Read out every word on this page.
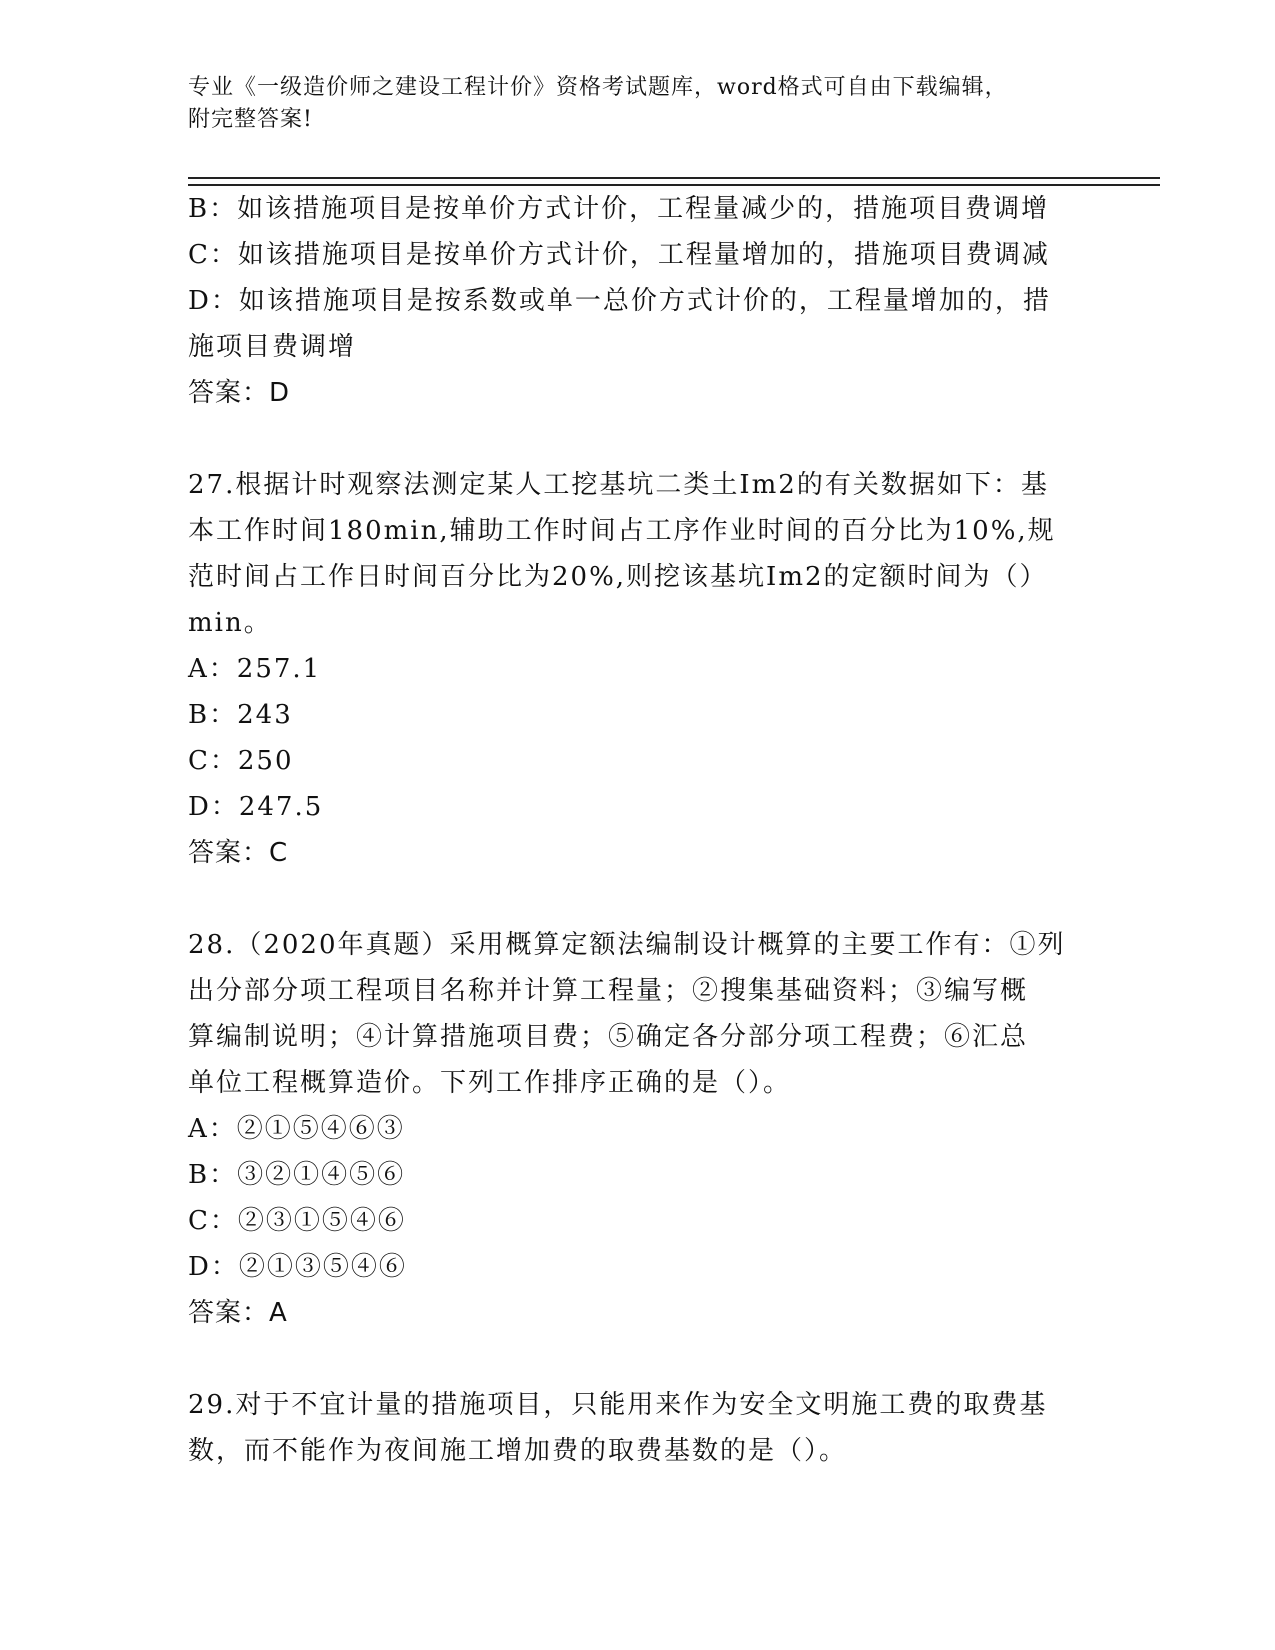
专业《一级造价师之建设工程计价》资格考试题库，word格式可自由下载编辑，
附完整答案!
B：如该措施项目是按单价方式计价，工程量减少的，措施项目费调增
C：如该措施项目是按单价方式计价，工程量增加的，措施项目费调减
D：如该措施项目是按系数或单一总价方式计价的，工程量增加的，措
施项目费调增
答案：D
27.根据计时观察法测定某人工挖基坑二类土Im2的有关数据如下：基
本工作时间180min,辅助工作时间占工序作业时间的百分比为10%,规
范时间占工作日时间百分比为20%,则挖该基坑Im2的定额时间为（）
min。
A：257.1
B：243
C：250
D：247.5
答案：C
28.（2020年真题）采用概算定额法编制设计概算的主要工作有：①列
出分部分项工程项目名称并计算工程量；②搜集基础资料；③编写概
算编制说明；④计算措施项目费；⑤确定各分部分项工程费；⑥汇总
单位工程概算造价。下列工作排序正确的是（）。
A：②①⑤④⑥③
B：③②①④⑤⑥
C：②③①⑤④⑥
D：②①③⑤④⑥
答案：A
29.对于不宜计量的措施项目，只能用来作为安全文明施工费的取费基
数，而不能作为夜间施工增加费的取费基数的是（）。
